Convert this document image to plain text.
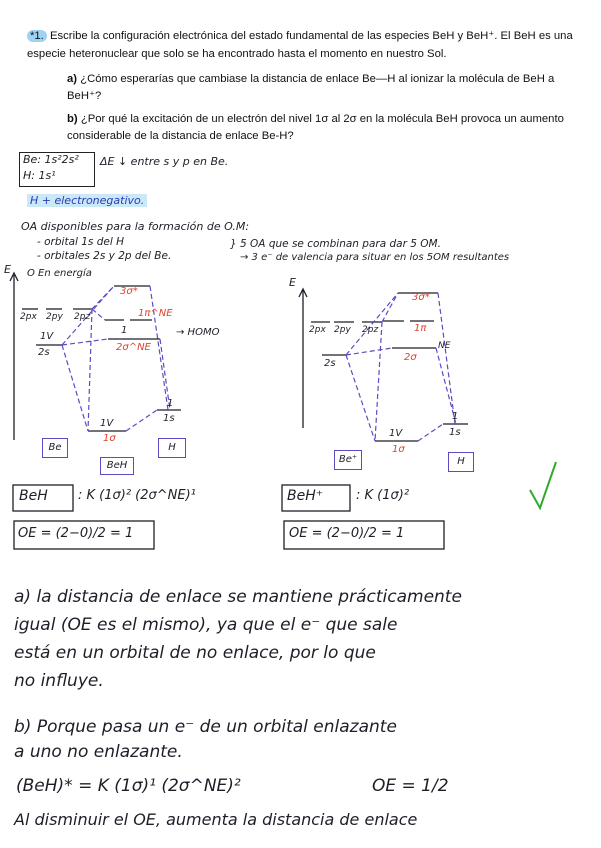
*1. Escribe la configuración electrónica del estado fundamental de las especies BeH y BeH⁺. El BeH es una
especie heteronuclear que solo se ha encontrado hasta el momento en nuestro Sol.
a) ¿Cómo esperarías que cambiase la distancia de enlace Be—H al ionizar la molécula de BeH a
BeH⁺?
b) ¿Por qué la excitación de un electrón del nivel 1σ al 2σ en la molécula BeH provoca un aumento
considerable de la distancia de enlace Be-H?
Be: 1s²2s²
H: 1s¹
ΔE ↓ entre s y p en Be.
H + electronegativo.
OA disponibles para la formación de O.M:
- orbital 1s del H
- orbitales 2s y 2p del Be.
} 5 OA que se combinan para dar 5 OM.
→ 3 e⁻ de valencia para situar en los 5OM resultantes
E O En energía
2px 2py 2pz
1V
2s
3σ*
1π^NE
1
2σ^NE
→ HOMO
1V
1σ
1
1s
Be	H
BeH
E
2px 2py 2pz
2s
3σ*
1π
NE
2σ
1V
1σ
1
1s
Be⁺	H
BeH : K (1σ)² (2σ^NE)¹
OE = (2−0)/2 = 1
BeH⁺	: K (1σ)²
OE = (2−0)/2 = 1
a) la distancia de enlace se mantiene prácticamente
igual (OE es el mismo), ya que el e⁻ que sale
está en un orbital de no enlace, por lo que
no influye.
b) Porque pasa un e⁻ de un orbital enlazante
a uno no enlazante.
(BeH)* = K (1σ)¹ (2σ^NE)²	OE = 1/2
Al disminuir el OE, aumenta la distancia de enlace
